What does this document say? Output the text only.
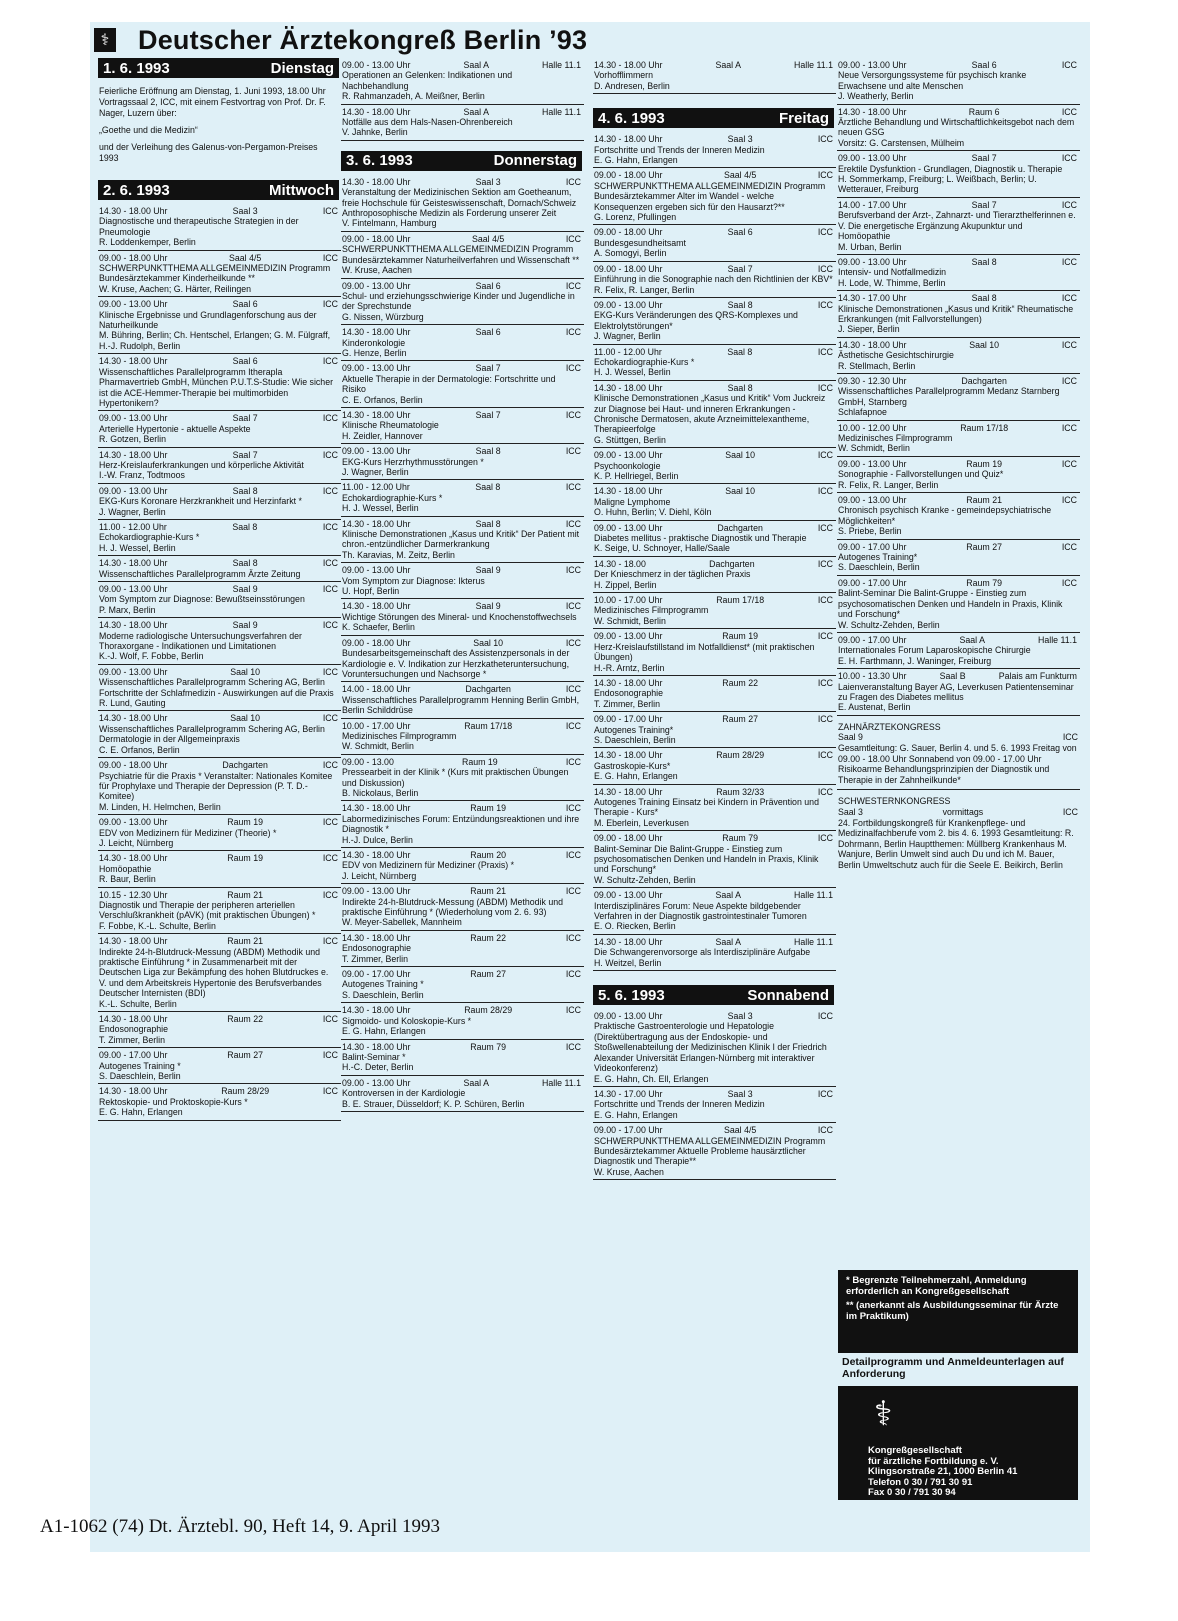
⚕ Deutscher Ärztekongreß Berlin ’93
1. 6. 1993	Dienstag

Feierliche Eröffnung am Dienstag, 1. Juni 1993, 18.00 Uhr Vortragssaal 2, ICC, mit einem Festvortrag von Prof. Dr. F. Nager, Luzern über:

„Goethe und die Medizin“

und der Verleihung des Galenus-von-Pergamon-Preises 1993

2. 6. 1993	Mittwoch
14.30 - 18.00 Uhr	Saal 3	ICC
Diagnostische und therapeutische Strategien in der Pneumologie
R. Loddenkemper, Berlin
09.00 - 18.00 Uhr	Saal 4/5	ICC
SCHWERPUNKTTHEMA ALLGEMEINMEDIZIN Programm Bundesärztekammer Kinderheilkunde **
W. Kruse, Aachen; G. Härter, Reilingen
09.00 - 13.00 Uhr	Saal 6	ICC
Klinische Ergebnisse und Grundlagenforschung aus der Naturheilkunde
M. Bühring, Berlin; Ch. Hentschel, Erlangen; G. M. Fülgraff, H.-J. Rudolph, Berlin
14.30 - 18.00 Uhr	Saal 6	ICC
Wissenschaftliches Parallelprogramm Itheraplа Pharmavertrieb GmbH, München P.U.T.S-Studie: Wie sicher ist die ACE-Hemmer-Therapie bei multimorbiden Hypertonikern?
09.00 - 13.00 Uhr	Saal 7	ICC
Arterielle Hypertonie - aktuelle Aspekte
R. Gotzen, Berlin
14.30 - 18.00 Uhr	Saal 7	ICC
Herz-Kreislauferkrankungen und körperliche Aktivität
I.-W. Franz, Todtmoos
09.00 - 13.00 Uhr	Saal 8	ICC
EKG-Kurs Koronare Herzkrankheit und Herzinfarkt *
J. Wagner, Berlin
11.00 - 12.00 Uhr	Saal 8	ICC
Echokardiographie-Kurs *
H. J. Wessel, Berlin
14.30 - 18.00 Uhr	Saal 8	ICC
Wissenschaftliches Parallelprogramm Ärzte Zeitung
09.00 - 13.00 Uhr	Saal 9	ICC
Vom Symptom zur Diagnose: Bewußtseinsstörungen
P. Marx, Berlin
14.30 - 18.00 Uhr	Saal 9	ICC
Moderne radiologische Untersuchungsverfahren der Thoraxorgane - Indikationen und Limitationen
K.-J. Wolf, F. Fobbe, Berlin
09.00 - 13.00 Uhr	Saal 10	ICC
Wissenschaftliches Parallelprogramm Schering AG, Berlin Fortschritte der Schlafmedizin - Auswirkungen auf die Praxis
R. Lund, Gauting
14.30 - 18.00 Uhr	Saal 10	ICC
Wissenschaftliches Parallelprogramm Schering AG, Berlin Dermatologie in der Allgemeinpraxis
C. E. Orfanos, Berlin
09.00 - 18.00 Uhr	Dachgarten	ICC
Psychiatrie für die Praxis * Veranstalter: Nationales Komitee für Prophylaxe und Therapie der Depression (P. T. D.-Komitee)
M. Linden, H. Helmchen, Berlin
09.00 - 13.00 Uhr	Raum 19	ICC
EDV von Medizinern für Mediziner (Theorie) *
J. Leicht, Nürnberg
14.30 - 18.00 Uhr	Raum 19	ICC
Homöopathie
R. Baur, Berlin
10.15 - 12.30 Uhr	Raum 21	ICC
Diagnostik und Therapie der peripheren arteriellen Verschlußkrankheit (pAVK) (mit praktischen Übungen) *
F. Fobbe, K.-L. Schulte, Berlin
14.30 - 18.00 Uhr	Raum 21	ICC
Indirekte 24-h-Blutdruck-Messung (ABDM) Methodik und praktische Einführung * in Zusammenarbeit mit der Deutschen Liga zur Bekämpfung des hohen Blutdruckes e. V. und dem Arbeitskreis Hypertonie des Berufsverbandes Deutscher Internisten (BDI)
K.-L. Schulte, Berlin
14.30 - 18.00 Uhr	Raum 22	ICC
Endosonographie
T. Zimmer, Berlin
09.00 - 17.00 Uhr	Raum 27	ICC
Autogenes Training *
S. Daeschlein, Berlin
14.30 - 18.00 Uhr	Raum 28/29	ICC
Rektoskopie- und Proktoskopie-Kurs *
E. G. Hahn, Erlangen
09.00 - 13.00 Uhr	Saal A	Halle 11.1
Operationen an Gelenken: Indikationen und Nachbehandlung
R. Rahmanzadeh, A. Meißner, Berlin
14.30 - 18.00 Uhr	Saal A	Halle 11.1
Notfälle aus dem Hals-Nasen-Ohrenbereich
V. Jahnke, Berlin
3. 6. 1993	Donnerstag
14.30 - 18.00 Uhr	Saal 3	ICC
Veranstaltung der Medizinischen Sektion am Goetheanum, freie Hochschule für Geisteswissenschaft, Dornach/Schweiz Anthroposophische Medizin als Forderung unserer Zeit
V. Fintelmann, Hamburg
09.00 - 18.00 Uhr	Saal 4/5	ICC
SCHWERPUNKTTHEMA ALLGEMEINMEDIZIN Programm Bundesärztekammer Naturheilverfahren und Wissenschaft **
W. Kruse, Aachen
09.00 - 13.00 Uhr	Saal 6	ICC
Schul- und erziehungsschwierige Kinder und Jugendliche in der Sprechstunde
G. Nissen, Würzburg
14.30 - 18.00 Uhr	Saal 6	ICC
Kinderonkologie
G. Henze, Berlin
09.00 - 13.00 Uhr	Saal 7	ICC
Aktuelle Therapie in der Dermatologie: Fortschritte und Risiko
C. E. Orfanos, Berlin
14.30 - 18.00 Uhr	Saal 7	ICC
Klinische Rheumatologie
H. Zeidler, Hannover
09.00 - 13.00 Uhr	Saal 8	ICC
EKG-Kurs Herzrhythmusstörungen *
J. Wagner, Berlin
11.00 - 12.00 Uhr	Saal 8	ICC
Echokardiographie-Kurs *
H. J. Wessel, Berlin
14.30 - 18.00 Uhr	Saal 8	ICC
Klinische Demonstrationen „Kasus und Kritik“ Der Patient mit chron.-entzündlicher Darmerkrankung
Th. Karavias, M. Zeitz, Berlin
09.00 - 13.00 Uhr	Saal 9	ICC
Vom Symptom zur Diagnose: Ikterus
U. Hopf, Berlin
14.30 - 18.00 Uhr	Saal 9	ICC
Wichtige Störungen des Mineral- und Knochenstoffwechsels
K. Schaefer, Berlin
09.00 - 18.00 Uhr	Saal 10	ICC
Bundesarbeitsgemeinschaft des Assistenzpersonals in der Kardiologie e. V. Indikation zur Herzkatheteruntersuchung, Voruntersuchungen und Nachsorge *
14.00 - 18.00 Uhr	Dachgarten	ICC
Wissenschaftliches Parallelprogramm Henning Berlin GmbH, Berlin Schilddrüse
10.00 - 17.00 Uhr	Raum 17/18	ICC
Medizinisches Filmprogramm
W. Schmidt, Berlin
09.00 - 13.00	Raum 19	ICC
Pressearbeit in der Klinik * (Kurs mit praktischen Übungen und Diskussion)
B. Nickolaus, Berlin
14.30 - 18.00 Uhr	Raum 19	ICC
Labormedizinisches Forum: Entzündungsreaktionen und ihre Diagnostik *
H.-J. Dulce, Berlin
14.30 - 18.00 Uhr	Raum 20	ICC
EDV von Medizinern für Mediziner (Praxis) *
J. Leicht, Nürnberg
09.00 - 13.00 Uhr	Raum 21	ICC
Indirekte 24-h-Blutdruck-Messung (ABDM) Methodik und praktische Einführung * (Wiederholung vom 2. 6. 93)
W. Meyer-Sabellek, Mannheim
14.30 - 18.00 Uhr	Raum 22	ICC
Endosonographie
T. Zimmer, Berlin
09.00 - 17.00 Uhr	Raum 27	ICC
Autogenes Training *
S. Daeschlein, Berlin
14.30 - 18.00 Uhr	Raum 28/29	ICC
Sigmoido- und Koloskopie-Kurs *
E. G. Hahn, Erlangen
14.30 - 18.00 Uhr	Raum 79	ICC
Balint-Seminar *
H.-C. Deter, Berlin
09.00 - 13.00 Uhr	Saal A	Halle 11.1
Kontroversen in der Kardiologie
B. E. Strauer, Düsseldorf; K. P. Schüren, Berlin
14.30 - 18.00 Uhr	Saal A	Halle 11.1
Vorhofflimmern
D. Andresen, Berlin
4. 6. 1993	Freitag
14.30 - 18.00 Uhr	Saal 3	ICC
Fortschritte und Trends der Inneren Medizin
E. G. Hahn, Erlangen
09.00 - 18.00 Uhr	Saal 4/5	ICC
SCHWERPUNKTTHEMA ALLGEMEINMEDIZIN Programm Bundesärztekammer Alter im Wandel - welche Konsequenzen ergeben sich für den Hausarzt?**
G. Lorenz, Pfullingen
09.00 - 18.00 Uhr	Saal 6	ICC
Bundesgesundheitsamt
A. Somogyi, Berlin
09.00 - 18.00 Uhr	Saal 7	ICC
Einführung in die Sonographie nach den Richtlinien der KBV*
R. Felix, R. Langer, Berlin
09.00 - 13.00 Uhr	Saal 8	ICC
EKG-Kurs Veränderungen des QRS-Komplexes und Elektrolytstörungen*
J. Wagner, Berlin
11.00 - 12.00 Uhr	Saal 8	ICC
Echokardiographie-Kurs *
H. J. Wessel, Berlin
14.30 - 18.00 Uhr	Saal 8	ICC
Klinische Demonstrationen „Kasus und Kritik“ Vom Juckreiz zur Diagnose bei Haut- und inneren Erkrankungen - Chronische Dermatosen, akute Arzneimittelexantheme, Therapieerfolge
G. Stüttgen, Berlin
09.00 - 13.00 Uhr	Saal 10	ICC
Psychoonkologie
K. P. Hellriegel, Berlin
14.30 - 18.00 Uhr	Saal 10	ICC
Maligne Lymphome
O. Huhn, Berlin; V. Diehl, Köln
09.00 - 13.00 Uhr	Dachgarten	ICC
Diabetes mellitus - praktische Diagnostik und Therapie
K. Seige, U. Schnoyer, Halle/Saale
14.30 - 18.00	Dachgarten	ICC
Der Knieschmerz in der täglichen Praxis
H. Zippel, Berlin
10.00 - 17.00 Uhr	Raum 17/18	ICC
Medizinisches Filmprogramm
W. Schmidt, Berlin
09.00 - 13.00 Uhr	Raum 19	ICC
Herz-Kreislaufstillstand im Notfalldienst* (mit praktischen Übungen)
H.-R. Arntz, Berlin
14.30 - 18.00 Uhr	Raum 22	ICC
Endosonographie
T. Zimmer, Berlin
09.00 - 17.00 Uhr	Raum 27	ICC
Autogenes Training*
S. Daeschlein, Berlin
14.30 - 18.00 Uhr	Raum 28/29	ICC
Gastroskopie-Kurs*
E. G. Hahn, Erlangen
14.30 - 18.00 Uhr	Raum 32/33	ICC
Autogenes Training Einsatz bei Kindern in Prävention und Therapie - Kurs*
M. Eberlein, Leverkusen
09.00 - 18.00 Uhr	Raum 79	ICC
Balint-Seminar Die Balint-Gruppe - Einstieg zum psychosomatischen Denken und Handeln in Praxis, Klinik und Forschung*
W. Schultz-Zehden, Berlin
09.00 - 13.00 Uhr	Saal A	Halle 11.1
Interdisziplinäres Forum: Neue Aspekte bildgebender Verfahren in der Diagnostik gastrointestinaler Tumoren
E. O. Riecken, Berlin
14.30 - 18.00 Uhr	Saal A	Halle 11.1
Die Schwangerenvorsorge als Interdisziplinäre Aufgabe
H. Weitzel, Berlin
5. 6. 1993	Sonnabend
09.00 - 13.00 Uhr	Saal 3	ICC
Praktische Gastroenterologie und Hepatologie (Direktübertragung aus der Endoskopie- und Stoßwellenabteilung der Medizinischen Klinik I der Friedrich Alexander Universität Erlangen-Nürnberg mit interaktiver Videokonferenz)
E. G. Hahn, Ch. Ell, Erlangen
14.30 - 17.00 Uhr	Saal 3	ICC
Fortschritte und Trends der Inneren Medizin
E. G. Hahn, Erlangen
09.00 - 17.00 Uhr	Saal 4/5	ICC
SCHWERPUNKTTHEMA ALLGEMEINMEDIZIN Programm Bundesärztekammer Aktuelle Probleme hausärztlicher Diagnostik und Therapie**
W. Kruse, Aachen
09.00 - 13.00 Uhr	Saal 6	ICC
Neue Versorgungssysteme für psychisch kranke Erwachsene und alte Menschen
J. Weatherly, Berlin
14.30 - 18.00 Uhr	Raum 6	ICC
Ärztliche Behandlung und Wirtschaftlichkeitsgebot nach dem neuen GSG
Vorsitz: G. Carstensen, Mülheim
09.00 - 13.00 Uhr	Saal 7	ICC
Erektile Dysfunktion - Grundlagen, Diagnostik u. Therapie
H. Sommerkamp, Freiburg; L. Weißbach, Berlin; U. Wetterauer, Freiburg
14.00 - 17.00 Uhr	Saal 7	ICC
Berufsverband der Arzt-, Zahnarzt- und Tierarzthelferinnen e. V. Die energetische Ergänzung Akupunktur und Homöopathie
M. Urban, Berlin
09.00 - 13.00 Uhr	Saal 8	ICC
Intensiv- und Notfallmedizin
H. Lode, W. Thimme, Berlin
14.30 - 17.00 Uhr	Saal 8	ICC
Klinische Demonstrationen „Kasus und Kritik“ Rheumatische Erkrankungen (mit Fallvorstellungen)
J. Sieper, Berlin
14.30 - 18.00 Uhr	Saal 10	ICC
Ästhetische Gesichtschirurgie
R. Stellmach, Berlin
09.30 - 12.30 Uhr	Dachgarten	ICC
Wissenschaftliches Parallelprogramm Medanz Starnberg GmbH, Starnberg
Schlafapnoe
10.00 - 12.00 Uhr	Raum 17/18	ICC
Medizinisches Filmprogramm
W. Schmidt, Berlin
09.00 - 13.00 Uhr	Raum 19	ICC
Sonographie - Fallvorstellungen und Quiz*
R. Felix, R. Langer, Berlin
09.00 - 13.00 Uhr	Raum 21	ICC
Chronisch psychisch Kranke - gemeindepsychiatrische Möglichkeiten*
S. Priebe, Berlin
09.00 - 17.00 Uhr	Raum 27	ICC
Autogenes Training*
S. Daeschlein, Berlin
09.00 - 17.00 Uhr	Raum 79	ICC
Balint-Seminar Die Balint-Gruppe - Einstieg zum psychosomatischen Denken und Handeln in Praxis, Klinik und Forschung*
W. Schultz-Zehden, Berlin
09.00 - 17.00 Uhr	Saal A	Halle 11.1
Internationales Forum Laparoskopische Chirurgie
E. H. Farthmann, J. Waninger, Freiburg
10.00 - 13.30 Uhr	Saal B	Palais am Funkturm
Laienveranstaltung Bayer AG, Leverkusen Patientenseminar zu Fragen des Diabetes mellitus
E. Austenat, Berlin
ZAHNÄRZTEKONGRESS
Saal 9	ICC
Gesamtleitung: G. Sauer, Berlin 4. und 5. 6. 1993 Freitag von 09.00 - 18.00 Uhr Sonnabend von 09.00 - 17.00 Uhr Risikoarme Behandlungsprinzipien der Diagnostik und Therapie in der Zahnheilkunde*
SCHWESTERNKONGRESS
Saal 3	vormittags	ICC
24. Fortbildungskongreß für Krankenpflege- und Medizinalfachberufe vom 2. bis 4. 6. 1993 Gesamtleitung: R. Dohrmann, Berlin Hauptthemen: Müllberg Krankenhaus M. Wanjure, Berlin Umwelt sind auch Du und ich M. Bauer, Berlin Umweltschutz auch für die Seele E. Beikirch, Berlin
* Begrenzte Teilnehmerzahl, Anmeldung erforderlich an Kongreßgesellschaft
** (anerkannt als Ausbildungsseminar für Ärzte im Praktikum)
Detailprogramm und Anmeldeunterlagen auf Anforderung
⚕
Kongreßgesellschaft
für ärztliche Fortbildung e. V.
Klingsorstraße 21, 1000 Berlin 41
Telefon 0 30 / 791 30 91
Fax 0 30 / 791 30 94
A1-1062 (74) Dt. Ärztebl. 90, Heft 14, 9. April 1993
